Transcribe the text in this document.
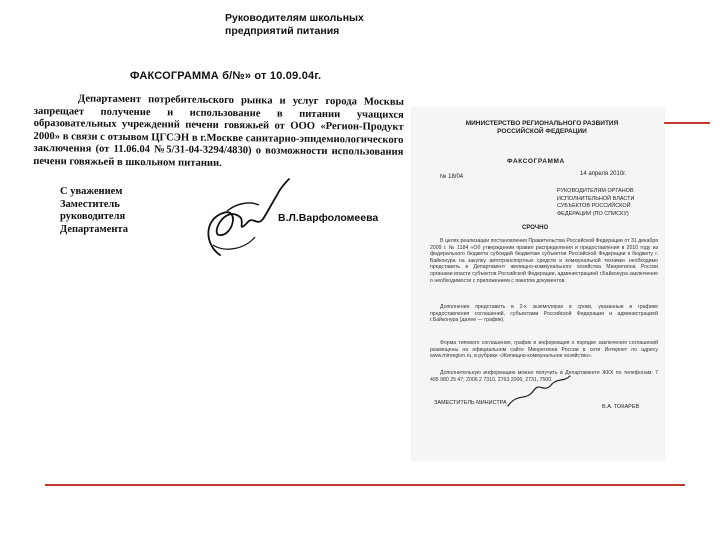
Руководителям школьных предприятий питания
ФАКСОГРАММА б/№» от 10.09.04г.
Департамент потребительского рынка и услуг города Москвы запрещает получение и использование в питании учащихся образовательных учреждений печени говяжьей от ООО «Регион-Продукт 2000» в связи с отзывом ЦГСЭН в г.Москве санитарно-эпидемиологического заключения (от 11.06.04 №5/31-04-3294/4830) о возможности использования печени говяжьей в школьном питании.
С уважением Заместитель руководителя Департамента
В.Л.Варфоломеева
МИНИСТЕРСТВО РЕГИОНАЛЬНОГО РАЗВИТИЯ РОССИЙСКОЙ ФЕДЕРАЦИИ
ФАКСОГРАММА
№ 18/04	14 апреля 2010г.
РУКОВОДИТЕЛЯМ ОРГАНОВ ИСПОЛНИТЕЛЬНОЙ ВЛАСТИ СУБЪЕКТОВ РОССИЙСКОЙ ФЕДЕРАЦИИ (ПО СПИСКУ)
СРОЧНО
В целях реализации постановления Правительства Российской Федерации от 31 декабря 2009 г. № 1184 «Об утверждении правил распределения и предоставления в 2010 году из федерального бюджета субсидий бюджетам субъектов Российской Федерации к бюджету г. Байконура на закупку автотранспортных средств и коммунальной техники» необходимо представить в Департамент жилищно-коммунального хозяйства Минрегиона России органами власти субъектов Российской Федерации, администрацией г.Байконура заключение о необходимости с приложением с пакетом документов.
Дополнение представить в 2-х экземплярах в сроки, указанные в графике предоставления соглашений, субъектами Российской Федерации и администрацией г.Байконура (далее — график).
Форма типового соглашения, график и информация о порядке заключения соглашений размещены на официальном сайте Минрегиона России в сети Интернет по адресу www.minregion.ru, в рубрике «Жилищно-коммунальное хозяйство».
Дополнительную информацию можно получить в Департаменте ЖКХ по телефонам: 7 495 980 25 47; 2006 2 7310, 2763 2006; 2731, 7500.
ЗАМЕСТИТЕЛЬ МИНИСТРА
В.А. ТОКАРЕВ
